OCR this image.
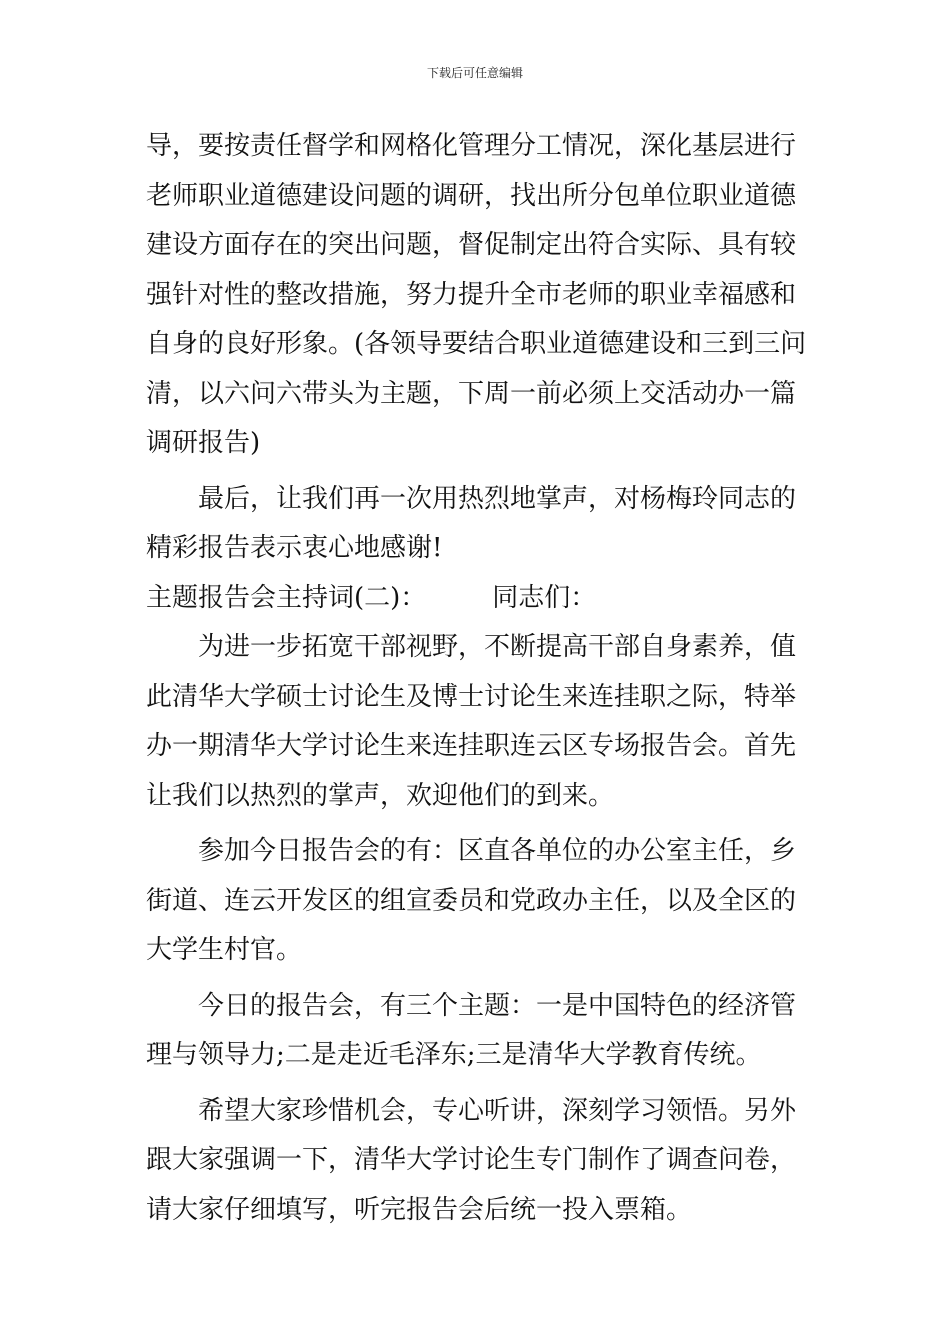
下载后可任意编辑
导，要按责任督学和网格化管理分工情况，深化基层进行
老师职业道德建设问题的调研，找出所分包单位职业道德
建设方面存在的突出问题，督促制定出符合实际、具有较
强针对性的整改措施，努力提升全市老师的职业幸福感和
自身的良好形象。(各领导要结合职业道德建设和三到三问
清，以六问六带头为主题，下周一前必须上交活动办一篇
调研报告)
最后，让我们再一次用热烈地掌声，对杨梅玲同志的
精彩报告表示衷心地感谢!
主题报告会主持词(二)：	同志们：
为进一步拓宽干部视野，不断提高干部自身素养，值
此清华大学硕士讨论生及博士讨论生来连挂职之际，特举
办一期清华大学讨论生来连挂职连云区专场报告会。首先
让我们以热烈的掌声，欢迎他们的到来。
参加今日报告会的有：区直各单位的办公室主任，乡
街道、连云开发区的组宣委员和党政办主任，以及全区的
大学生村官。
今日的报告会，有三个主题：一是中国特色的经济管
理与领导力;二是走近毛泽东;三是清华大学教育传统。
希望大家珍惜机会，专心听讲，深刻学习领悟。另外
跟大家强调一下，清华大学讨论生专门制作了调查问卷，
请大家仔细填写，听完报告会后统一投入票箱。
